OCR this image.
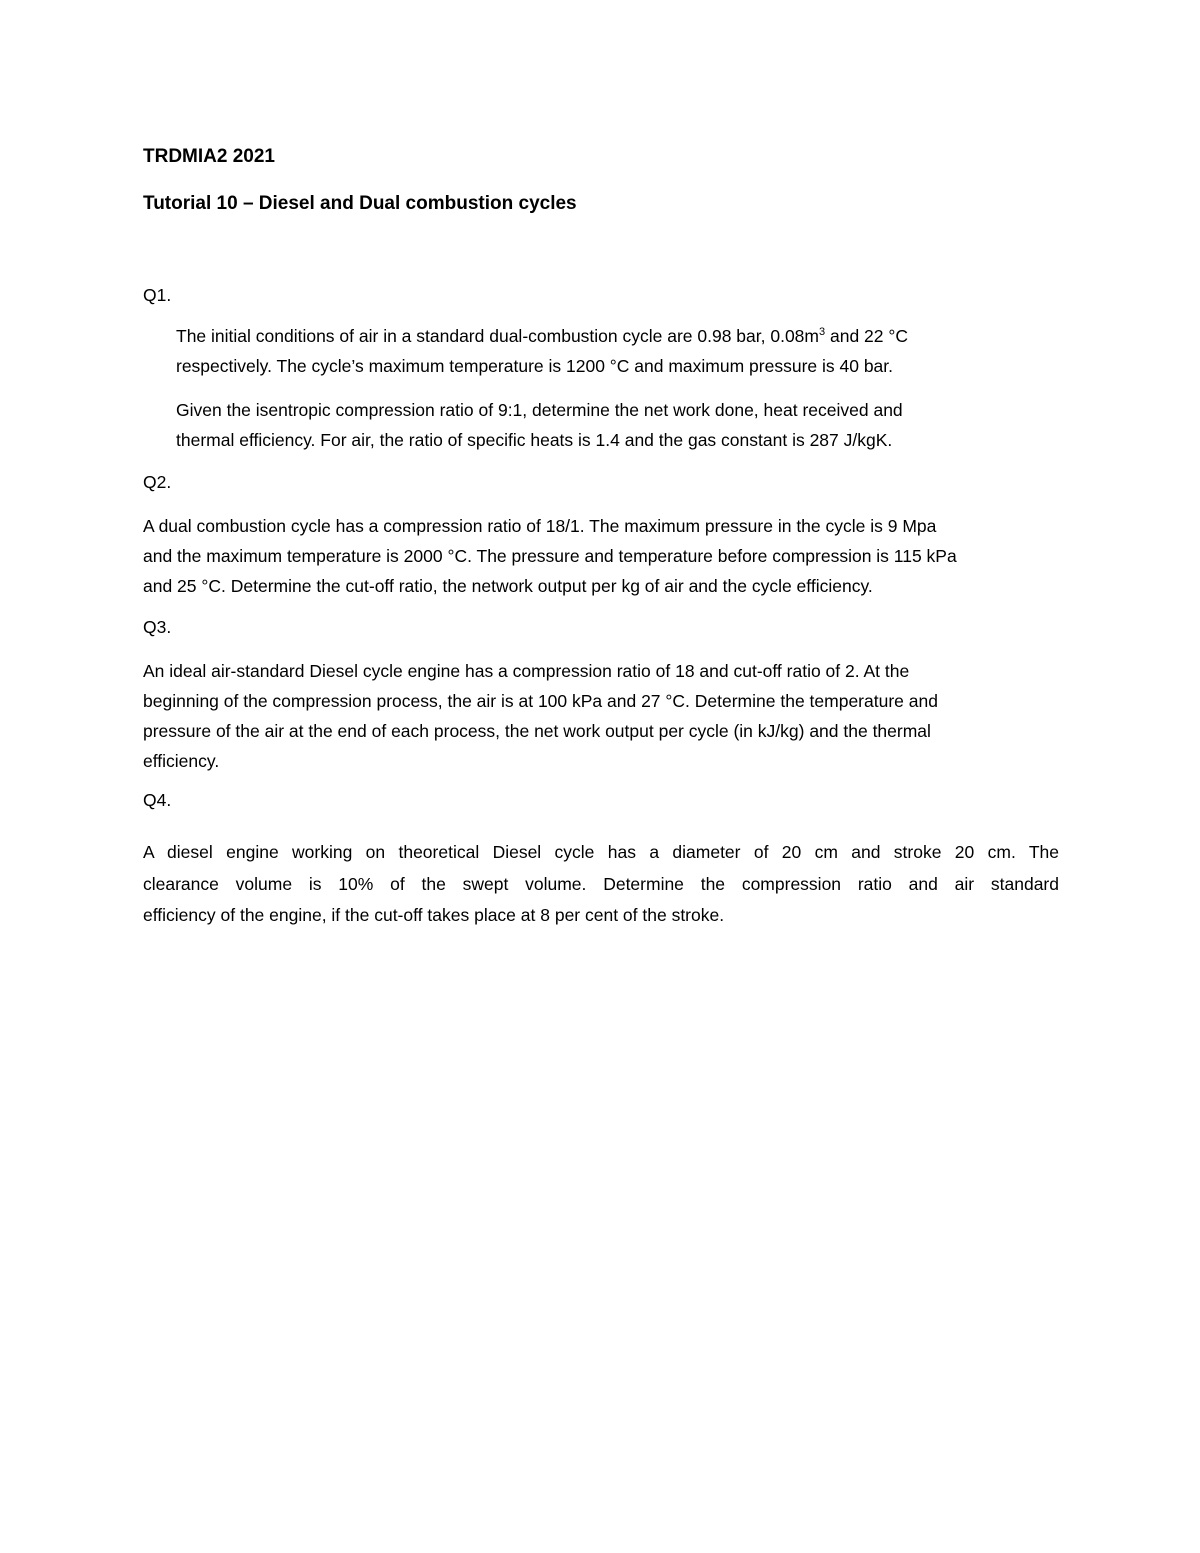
TRDMIA2 2021
Tutorial 10 – Diesel and Dual combustion cycles
Q1.
The initial conditions of air in a standard dual-combustion cycle are 0.98 bar, $0.08m^3$ and 22 °C
respectively. The cycle’s maximum temperature is 1200 °C and maximum pressure is 40 bar.
Given the isentropic compression ratio of 9:1, determine the net work done, heat received and
thermal efficiency. For air, the ratio of specific heats is 1.4 and the gas constant is 287 J/kgK.
Q2.
A dual combustion cycle has a compression ratio of 18/1. The maximum pressure in the cycle is 9 Mpa
and the maximum temperature is 2000 °C. The pressure and temperature before compression is 115 kPa
and 25 °C. Determine the cut-off ratio, the network output per kg of air and the cycle efficiency.
Q3.
An ideal air-standard Diesel cycle engine has a compression ratio of 18 and cut-off ratio of 2. At the
beginning of the compression process, the air is at 100 kPa and 27 °C. Determine the temperature and
pressure of the air at the end of each process, the net work output per cycle (in kJ/kg) and the thermal
efficiency.
Q4.
A diesel engine working on theoretical Diesel cycle has a diameter of 20 cm and stroke 20 cm. The
clearance volume is 10% of the swept volume. Determine the compression ratio and air standard
efficiency of the engine, if the cut-off takes place at 8 per cent of the stroke.
